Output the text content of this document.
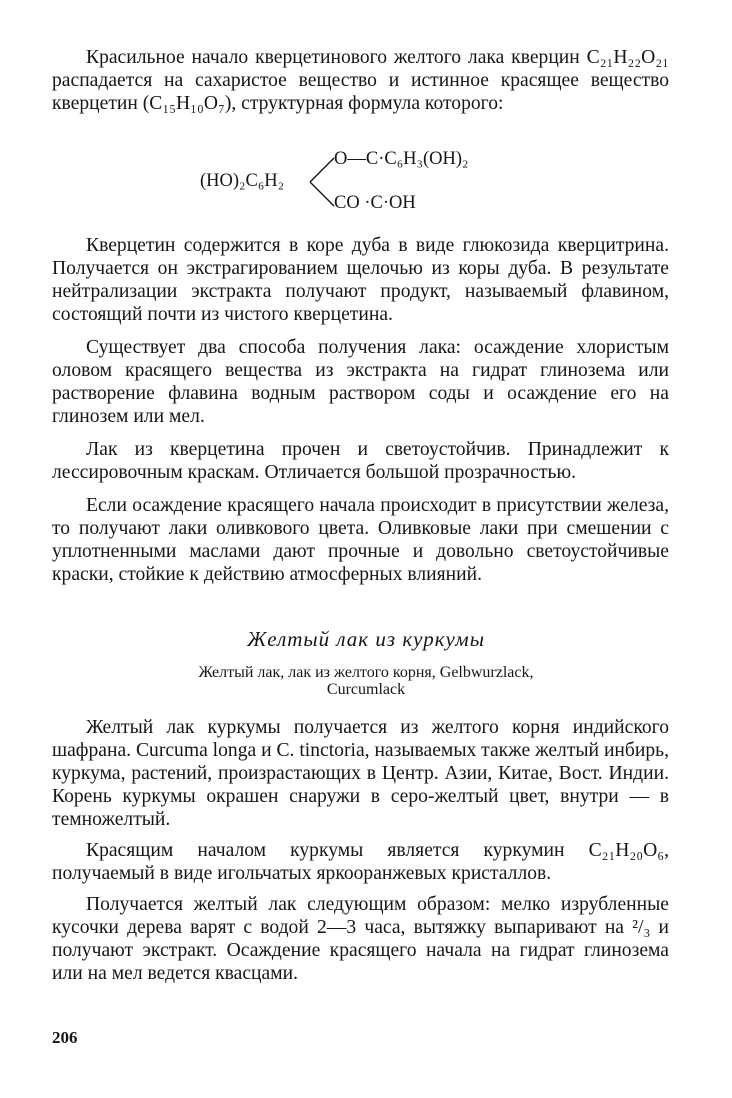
Красильное начало кверцетинового желтого лака кверцин C₂₁H₂₂O₂₁ распадается на сахаристое вещество и истинное красящее вещество кверцетин (C₁₅H₁₀O₇), структурная формула которого:

(HO)₂C₆H₂
O—C·C₆H₃(OH)₂
CO ·C·OH

Кверцетин содержится в коре дуба в виде глюкозида кверцитрина. Получается он экстрагированием щелочью из коры дуба. В результате нейтрализации экстракта получают продукт, называемый флавином, состоящий почти из чистого кверцетина.

Существует два способа получения лака: осаждение хлористым оловом красящего вещества из экстракта на гидрат глинозема или растворение флавина водным раствором соды и осаждение его на глинозем или мел.

Лак из кверцетина прочен и светоустойчив. Принадлежит к лессировочным краскам. Отличается большой прозрачностью.

Если осаждение красящего начала происходит в присутствии железа, то получают лаки оливкового цвета. Оливковые лаки при смешении с уплотненными маслами дают прочные и довольно светоустойчивые краски, стойкие к действию атмосферных влияний.

Желтый лак из куркумы
Желтый лак, лак из желтого корня, Gelbwurzlack,
Curcumlack

Желтый лак куркумы получается из желтого корня индийского шафрана. Curcuma longa и C. tinctoria, называемых также желтый инбирь, куркума, растений, произрастающих в Центр. Азии, Китае, Вост. Индии. Корень куркумы окрашен снаружи в серо-желтый цвет, внутри — в темножелтый.

Красящим началом куркумы является куркумин C₂₁H₂₀O₆, получаемый в виде игольчатых яркооранжевых кристаллов.

Получается желтый лак следующим образом: мелко изрубленные кусочки дерева варят с водой 2—3 часа, вытяжку выпаривают на ²/₃ и получают экстракт. Осаждение красящего начала на гидрат глинозема или на мел ведется квасцами.

206
